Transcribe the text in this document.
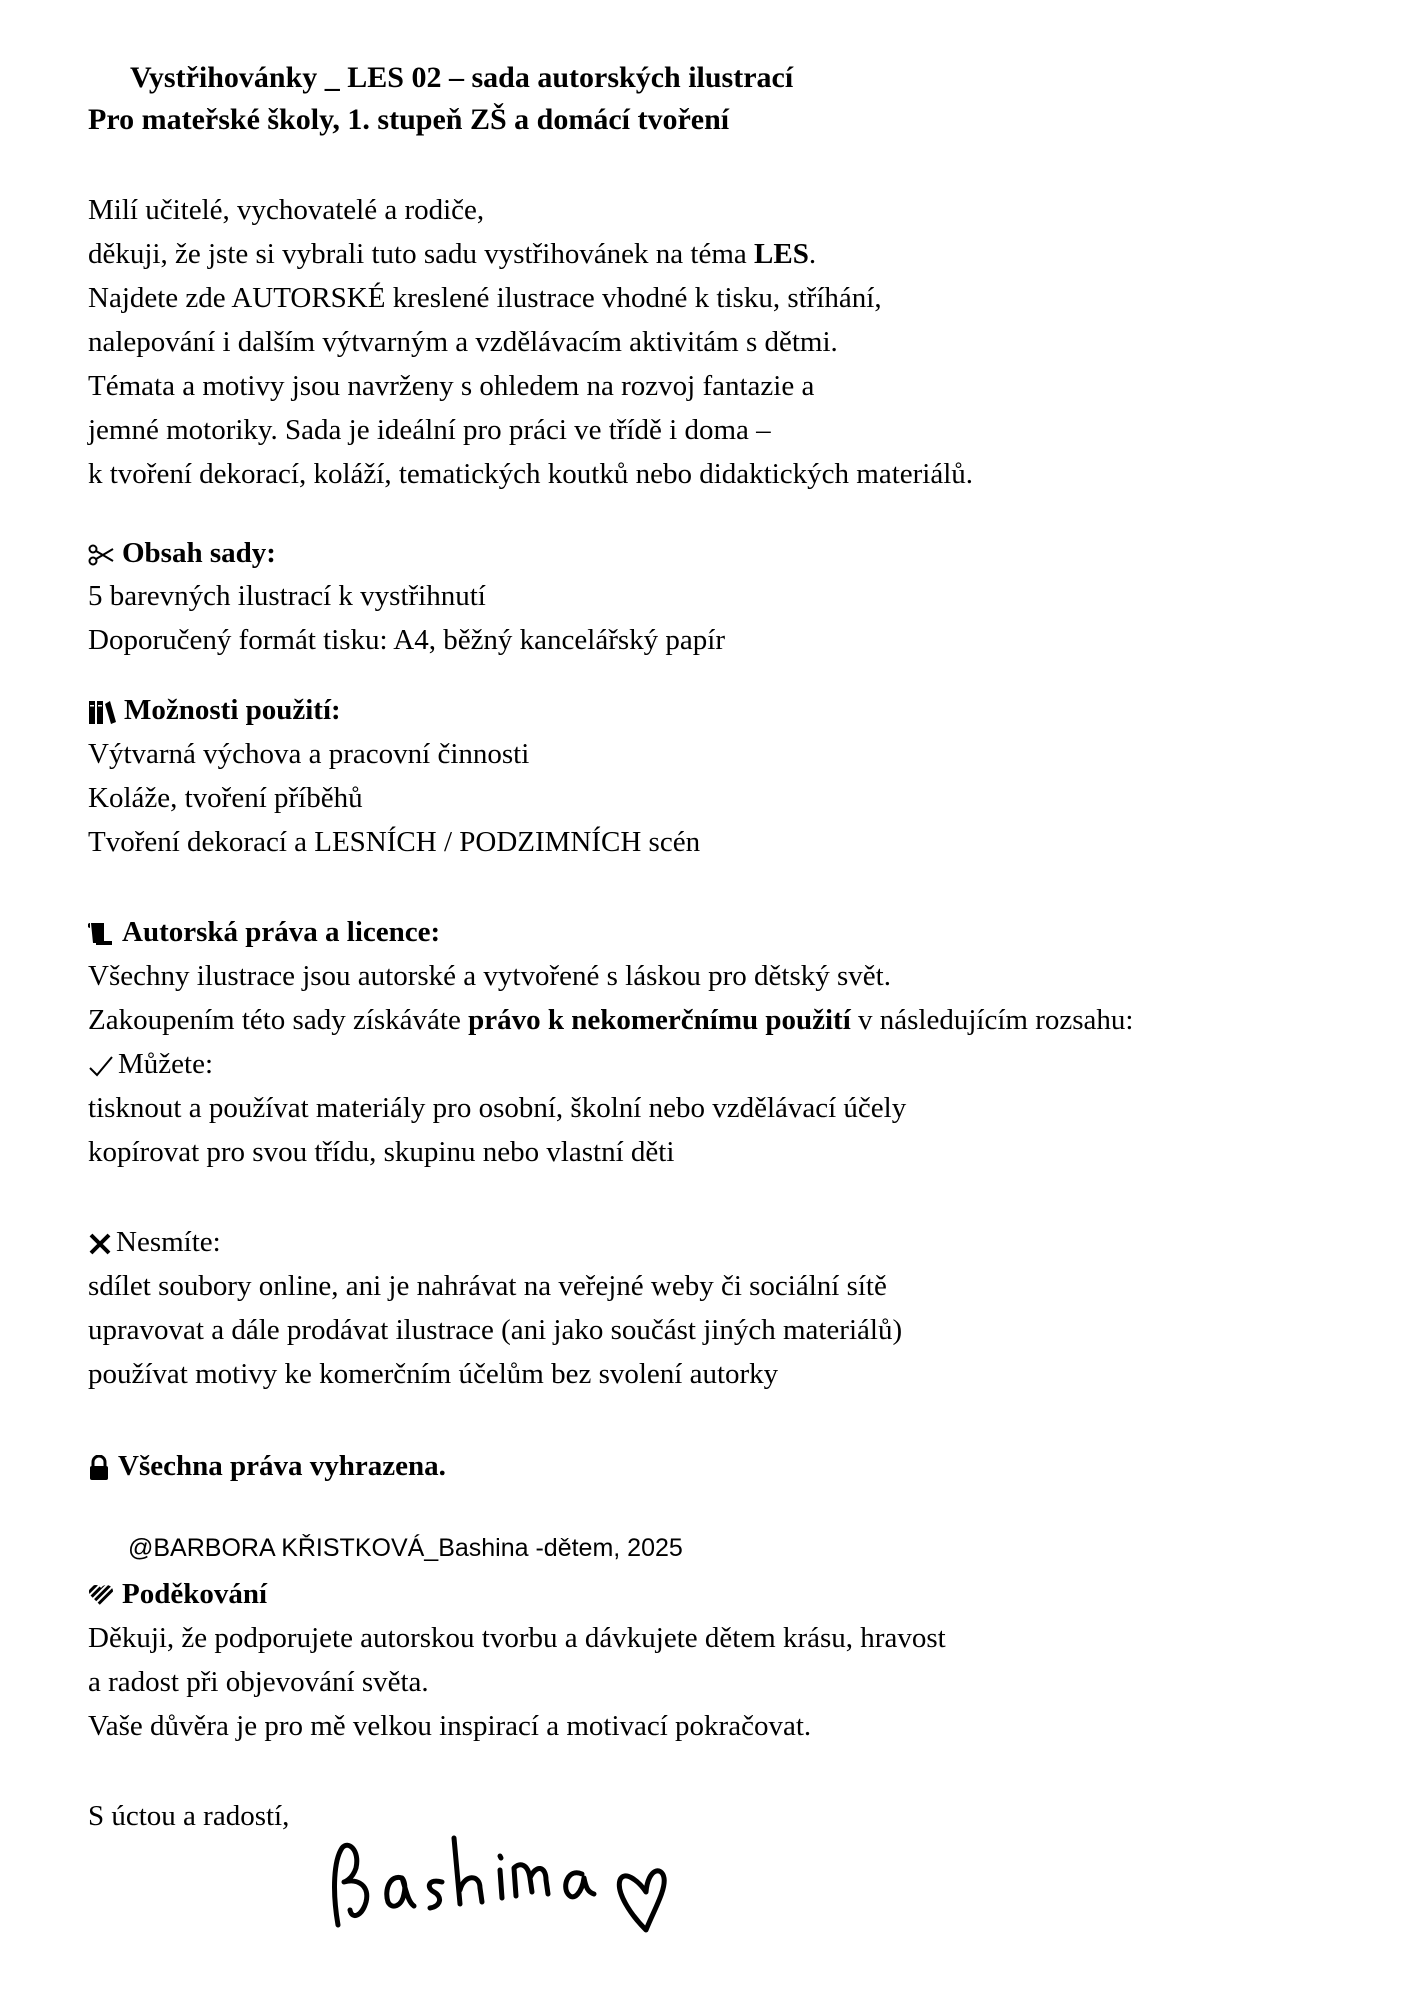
Vystřihovánky _ LES 02 – sada autorských ilustrací
Pro mateřské školy, 1. stupeň ZŠ a domácí tvoření
Milí učitelé, vychovatelé a rodiče,
děkuji, že jste si vybrali tuto sadu vystřihovánek na téma LES.
Najdete zde AUTORSKÉ kreslené ilustrace vhodné k tisku, stříhání,
nalepování i dalším výtvarným a vzdělávacím aktivitám s dětmi.
Témata a motivy jsou navrženy s ohledem na rozvoj fantazie a
jemné motoriky. Sada je ideální pro práci ve třídě i doma –
k tvoření dekorací, koláží, tematických koutků nebo didaktických materiálů.
Obsah sady:
5 barevných ilustrací k vystřihnutí
Doporučený formát tisku: A4, běžný kancelářský papír
Možnosti použití:
Výtvarná výchova a pracovní činnosti
Koláže, tvoření příběhů
Tvoření dekorací a LESNÍCH / PODZIMNÍCH scén
Autorská práva a licence:
Všechny ilustrace jsou autorské a vytvořené s láskou pro dětský svět.
Zakoupením této sady získáváte právo k nekomerčnímu použití v následujícím rozsahu:
Můžete:
tisknout a používat materiály pro osobní, školní nebo vzdělávací účely
kopírovat pro svou třídu, skupinu nebo vlastní děti
Nesmíte:
sdílet soubory online, ani je nahrávat na veřejné weby či sociální sítě
upravovat a dále prodávat ilustrace (ani jako součást jiných materiálů)
používat motivy ke komerčním účelům bez svolení autorky
Všechna práva vyhrazena.
@BARBORA KŘISTKOVÁ_Bashina -dětem, 2025
Poděkování
Děkuji, že podporujete autorskou tvorbu a dávkujete dětem krásu, hravost
a radost při objevování světa.
Vaše důvěra je pro mě velkou inspirací a motivací pokračovat.
S úctou a radostí,
